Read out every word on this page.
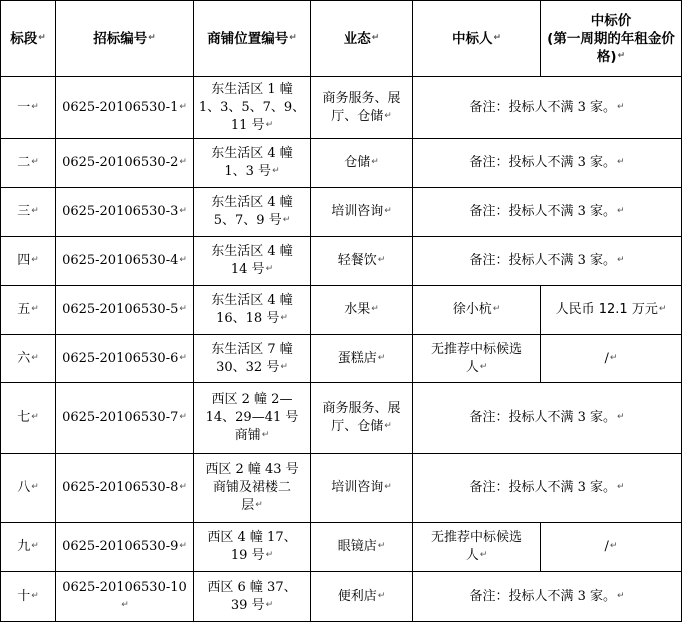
标段↵	招标编号↵	商铺位置编号↵	业态↵	中标人↵	中标价
(第一周期的年租金价格)↵
一↵	0625-20106530-1↵	东生活区 1 幢
1、3、5、7、9、
11 号↵	商务服务、展
厅、仓储↵	备注：投标人不满 3 家。↵	
二↵	0625-20106530-2↵	东生活区 4 幢
1、3 号↵	仓储↵	备注：投标人不满 3 家。↵	
三↵	0625-20106530-3↵	东生活区 4 幢
5、7、9 号↵	培训咨询↵	备注：投标人不满 3 家。↵	
四↵	0625-20106530-4↵	东生活区 4 幢
14 号↵	轻餐饮↵	备注：投标人不满 3 家。↵	
五↵	0625-20106530-5↵	东生活区 4 幢
16、18 号↵	水果↵	徐小杭↵	人民币 12.1 万元↵
六↵	0625-20106530-6↵	东生活区 7 幢
30、32 号↵	蛋糕店↵	无推荐中标候选
人↵	/↵
七↵	0625-20106530-7↵	西区 2 幢 2—
14、29—41 号
商铺↵	商务服务、展
厅、仓储↵	备注：投标人不满 3 家。↵	
八↵	0625-20106530-8↵	西区 2 幢 43 号
商铺及裙楼二
层↵	培训咨询↵	备注：投标人不满 3 家。↵	
九↵	0625-20106530-9↵	西区 4 幢 17、
19 号↵	眼镜店↵	无推荐中标候选
人↵	/↵
十↵	0625-20106530-10↵	西区 6 幢 37、
39 号↵	便利店↵	备注：投标人不满 3 家。↵	
